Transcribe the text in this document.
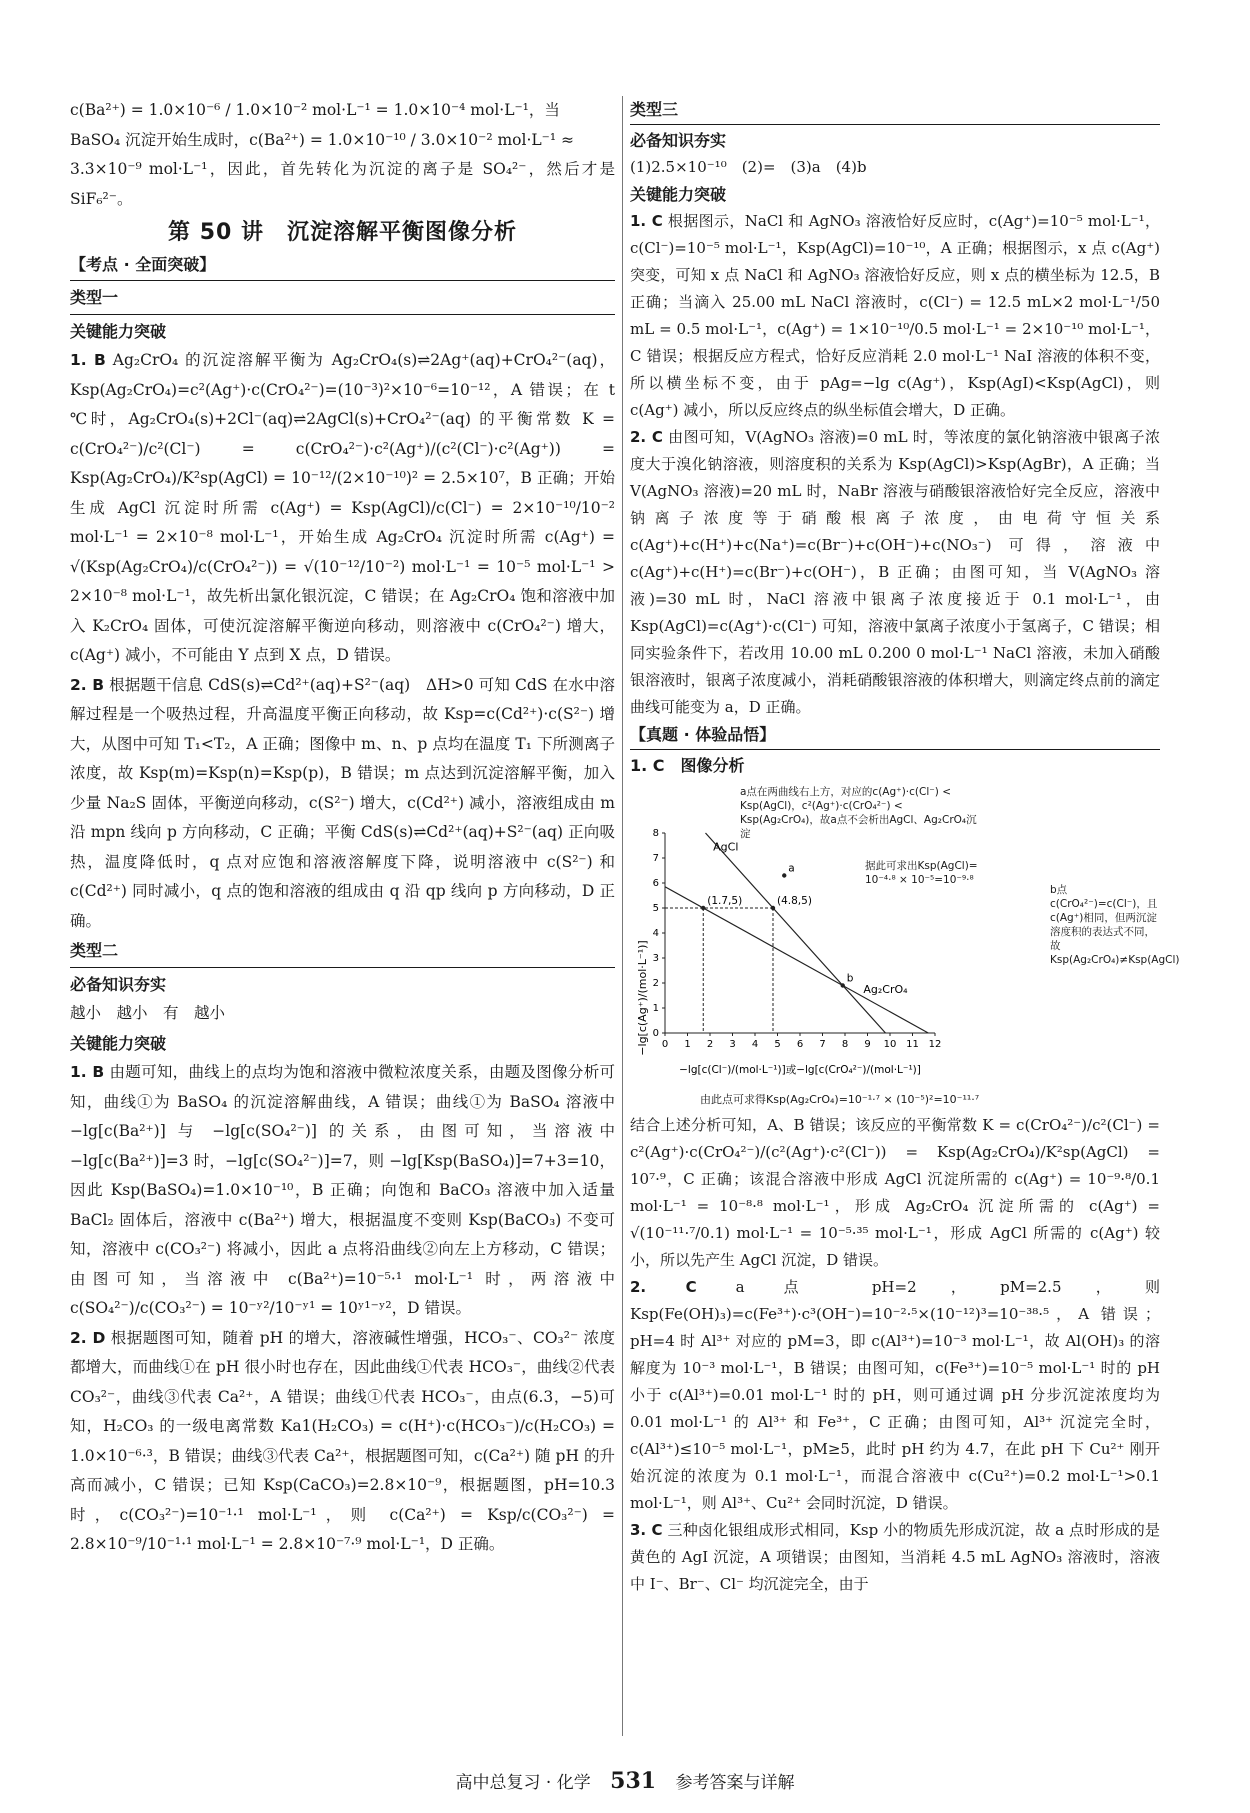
c(Ba²⁺) = 1.0×10⁻⁶ / 1.0×10⁻² mol·L⁻¹ = 1.0×10⁻⁴ mol·L⁻¹，当

BaSO₄ 沉淀开始生成时，c(Ba²⁺) = 1.0×10⁻¹⁰ / 3.0×10⁻² mol·L⁻¹ ≈

3.3×10⁻⁹ mol·L⁻¹，因此，首先转化为沉淀的离子是 SO₄²⁻，然后才是 SiF₆²⁻。

第 50 讲　沉淀溶解平衡图像分析
【考点 · 全面突破】
类型一

关键能力突破

1. B Ag₂CrO₄ 的沉淀溶解平衡为 Ag₂CrO₄(s)⇌2Ag⁺(aq)+CrO₄²⁻(aq)，Ksp(Ag₂CrO₄)=c²(Ag⁺)·c(CrO₄²⁻)=(10⁻³)²×10⁻⁶=10⁻¹²，A 错误；在 t ℃时，Ag₂CrO₄(s)+2Cl⁻(aq)⇌2AgCl(s)+CrO₄²⁻(aq) 的平衡常数 K = c(CrO₄²⁻)/c²(Cl⁻) = c(CrO₄²⁻)·c²(Ag⁺)/(c²(Cl⁻)·c²(Ag⁺)) = Ksp(Ag₂CrO₄)/K²sp(AgCl) = 10⁻¹²/(2×10⁻¹⁰)² = 2.5×10⁷，B 正确；开始生成 AgCl 沉淀时所需 c(Ag⁺) = Ksp(AgCl)/c(Cl⁻) = 2×10⁻¹⁰/10⁻² mol·L⁻¹ = 2×10⁻⁸ mol·L⁻¹，开始生成 Ag₂CrO₄ 沉淀时所需 c(Ag⁺) = √(Ksp(Ag₂CrO₄)/c(CrO₄²⁻)) = √(10⁻¹²/10⁻²) mol·L⁻¹ = 10⁻⁵ mol·L⁻¹ > 2×10⁻⁸ mol·L⁻¹，故先析出氯化银沉淀，C 错误；在 Ag₂CrO₄ 饱和溶液中加入 K₂CrO₄ 固体，可使沉淀溶解平衡逆向移动，则溶液中 c(CrO₄²⁻) 增大，c(Ag⁺) 减小，不可能由 Y 点到 X 点，D 错误。

2. B 根据题干信息 CdS(s)⇌Cd²⁺(aq)+S²⁻(aq)　ΔH>0 可知 CdS 在水中溶解过程是一个吸热过程，升高温度平衡正向移动，故 Ksp=c(Cd²⁺)·c(S²⁻) 增大，从图中可知 T₁<T₂，A 正确；图像中 m、n、p 点均在温度 T₁ 下所测离子浓度，故 Ksp(m)=Ksp(n)=Ksp(p)，B 错误；m 点达到沉淀溶解平衡，加入少量 Na₂S 固体，平衡逆向移动，c(S²⁻) 增大，c(Cd²⁺) 减小，溶液组成由 m 沿 mpn 线向 p 方向移动，C 正确；平衡 CdS(s)⇌Cd²⁺(aq)+S²⁻(aq) 正向吸热，温度降低时，q 点对应饱和溶液溶解度下降，说明溶液中 c(S²⁻) 和 c(Cd²⁺) 同时减小，q 点的饱和溶液的组成由 q 沿 qp 线向 p 方向移动，D 正确。

类型二

必备知识夯实

越小　越小　有　越小

关键能力突破

1. B 由题可知，曲线上的点均为饱和溶液中微粒浓度关系，由题及图像分析可知，曲线①为 BaSO₄ 的沉淀溶解曲线，A 错误；曲线①为 BaSO₄ 溶液中 −lg[c(Ba²⁺)] 与 −lg[c(SO₄²⁻)] 的关系，由图可知，当溶液中 −lg[c(Ba²⁺)]=3 时，−lg[c(SO₄²⁻)]=7，则 −lg[Ksp(BaSO₄)]=7+3=10，因此 Ksp(BaSO₄)=1.0×10⁻¹⁰，B 正确；向饱和 BaCO₃ 溶液中加入适量 BaCl₂ 固体后，溶液中 c(Ba²⁺) 增大，根据温度不变则 Ksp(BaCO₃) 不变可知，溶液中 c(CO₃²⁻) 将减小，因此 a 点将沿曲线②向左上方移动，C 错误；由图可知，当溶液中 c(Ba²⁺)=10⁻⁵·¹ mol·L⁻¹ 时，两溶液中 c(SO₄²⁻)/c(CO₃²⁻) = 10⁻ʸ²/10⁻ʸ¹ = 10ʸ¹⁻ʸ²，D 错误。

2. D 根据题图可知，随着 pH 的增大，溶液碱性增强，HCO₃⁻、CO₃²⁻ 浓度都增大，而曲线①在 pH 很小时也存在，因此曲线①代表 HCO₃⁻，曲线②代表 CO₃²⁻，曲线③代表 Ca²⁺，A 错误；曲线①代表 HCO₃⁻，由点(6.3，−5)可知，H₂CO₃ 的一级电离常数 Ka1(H₂CO₃) = c(H⁺)·c(HCO₃⁻)/c(H₂CO₃) = 1.0×10⁻⁶·³，B 错误；曲线③代表 Ca²⁺，根据题图可知，c(Ca²⁺) 随 pH 的升高而减小，C 错误；已知 Ksp(CaCO₃)=2.8×10⁻⁹，根据题图，pH=10.3 时，c(CO₃²⁻)=10⁻¹·¹ mol·L⁻¹，则 c(Ca²⁺) = Ksp/c(CO₃²⁻) = 2.8×10⁻⁹/10⁻¹·¹ mol·L⁻¹ = 2.8×10⁻⁷·⁹ mol·L⁻¹，D 正确。

类型三

必备知识夯实

(1)2.5×10⁻¹⁰　(2)=　(3)a　(4)b

关键能力突破

1. C 根据图示，NaCl 和 AgNO₃ 溶液恰好反应时，c(Ag⁺)=10⁻⁵ mol·L⁻¹，c(Cl⁻)=10⁻⁵ mol·L⁻¹，Ksp(AgCl)=10⁻¹⁰，A 正确；根据图示，x 点 c(Ag⁺) 突变，可知 x 点 NaCl 和 AgNO₃ 溶液恰好反应，则 x 点的横坐标为 12.5，B 正确；当滴入 25.00 mL NaCl 溶液时，c(Cl⁻) = 12.5 mL×2 mol·L⁻¹/50 mL = 0.5 mol·L⁻¹，c(Ag⁺) = 1×10⁻¹⁰/0.5 mol·L⁻¹ = 2×10⁻¹⁰ mol·L⁻¹，C 错误；根据反应方程式，恰好反应消耗 2.0 mol·L⁻¹ NaI 溶液的体积不变，所以横坐标不变，由于 pAg=−lg c(Ag⁺)，Ksp(AgI)<Ksp(AgCl)，则 c(Ag⁺) 减小，所以反应终点的纵坐标值会增大，D 正确。

2. C 由图可知，V(AgNO₃ 溶液)=0 mL 时，等浓度的氯化钠溶液中银离子浓度大于溴化钠溶液，则溶度积的关系为 Ksp(AgCl)>Ksp(AgBr)，A 正确；当 V(AgNO₃ 溶液)=20 mL 时，NaBr 溶液与硝酸银溶液恰好完全反应，溶液中钠离子浓度等于硝酸根离子浓度，由电荷守恒关系 c(Ag⁺)+c(H⁺)+c(Na⁺)=c(Br⁻)+c(OH⁻)+c(NO₃⁻) 可得，溶液中 c(Ag⁺)+c(H⁺)=c(Br⁻)+c(OH⁻)，B 正确；由图可知，当 V(AgNO₃ 溶液)=30 mL 时，NaCl 溶液中银离子浓度接近于 0.1 mol·L⁻¹，由 Ksp(AgCl)=c(Ag⁺)·c(Cl⁻) 可知，溶液中氯离子浓度小于氢离子，C 错误；相同实验条件下，若改用 10.00 mL 0.200 0 mol·L⁻¹ NaCl 溶液，未加入硝酸银溶液时，银离子浓度减小，消耗硝酸银溶液的体积增大，则滴定终点前的滴定曲线可能变为 a，D 正确。

【真题 · 体验品悟】

1. C　图像分析

0 1 2 3 4 5 6 7 8 9 10 11 12
0
1
2
3
4
5
6
7
8
AgCl
Ag₂CrO₄
(1.7,5)	(4.8,5)
a
b
−lg[c(Ag⁺)/(mol·L⁻¹)]
−lg[c(Cl⁻)/(mol·L⁻¹)]或−lg[c(CrO₄²⁻)/(mol·L⁻¹)]
a点在两曲线右上方，对应的c(Ag⁺)·c(Cl⁻) < Ksp(AgCl)，c²(Ag⁺)·c(CrO₄²⁻) < Ksp(Ag₂CrO₄)，故a点不会析出AgCl、Ag₂CrO₄沉淀
据此可求出Ksp(AgCl)=
10⁻⁴·⁸ × 10⁻⁵=10⁻⁹·⁸
b点c(CrO₄²⁻)=c(Cl⁻)，且c(Ag⁺)相同，但两沉淀溶度积的表达式不同，故Ksp(Ag₂CrO₄)≠Ksp(AgCl)
由此点可求得Ksp(Ag₂CrO₄)=10⁻¹·⁷ × (10⁻⁵)²=10⁻¹¹·⁷

结合上述分析可知，A、B 错误；该反应的平衡常数 K = c(CrO₄²⁻)/c²(Cl⁻) = c²(Ag⁺)·c(CrO₄²⁻)/(c²(Ag⁺)·c²(Cl⁻)) = Ksp(Ag₂CrO₄)/K²sp(AgCl) = 10⁷·⁹，C 正确；该混合溶液中形成 AgCl 沉淀所需的 c(Ag⁺) = 10⁻⁹·⁸/0.1 mol·L⁻¹ = 10⁻⁸·⁸ mol·L⁻¹，形成 Ag₂CrO₄ 沉淀所需的 c(Ag⁺) = √(10⁻¹¹·⁷/0.1) mol·L⁻¹ = 10⁻⁵·³⁵ mol·L⁻¹，形成 AgCl 所需的 c(Ag⁺) 较小，所以先产生 AgCl 沉淀，D 错误。

2. C	a 点 pH=2，pM=2.5，则 Ksp(Fe(OH)₃)=c(Fe³⁺)·c³(OH⁻)=10⁻²·⁵×(10⁻¹²)³=10⁻³⁸·⁵，A 错误；pH=4 时 Al³⁺ 对应的 pM=3，即 c(Al³⁺)=10⁻³ mol·L⁻¹，故 Al(OH)₃ 的溶解度为 10⁻³ mol·L⁻¹，B 错误；由图可知，c(Fe³⁺)=10⁻⁵ mol·L⁻¹ 时的 pH 小于 c(Al³⁺)=0.01 mol·L⁻¹ 时的 pH，则可通过调 pH 分步沉淀浓度均为 0.01 mol·L⁻¹ 的 Al³⁺ 和 Fe³⁺，C 正确；由图可知，Al³⁺ 沉淀完全时，c(Al³⁺)≤10⁻⁵ mol·L⁻¹，pM≥5，此时 pH 约为 4.7，在此 pH 下 Cu²⁺ 刚开始沉淀的浓度为 0.1 mol·L⁻¹，而混合溶液中 c(Cu²⁺)=0.2 mol·L⁻¹>0.1 mol·L⁻¹，则 Al³⁺、Cu²⁺ 会同时沉淀，D 错误。

3. C 三种卤化银组成形式相同，Ksp 小的物质先形成沉淀，故 a 点时形成的是黄色的 AgI 沉淀，A 项错误；由图知，当消耗 4.5 mL AgNO₃ 溶液时，溶液中 I⁻、Br⁻、Cl⁻ 均沉淀完全，由于

高中总复习 · 化学 531 参考答案与详解
